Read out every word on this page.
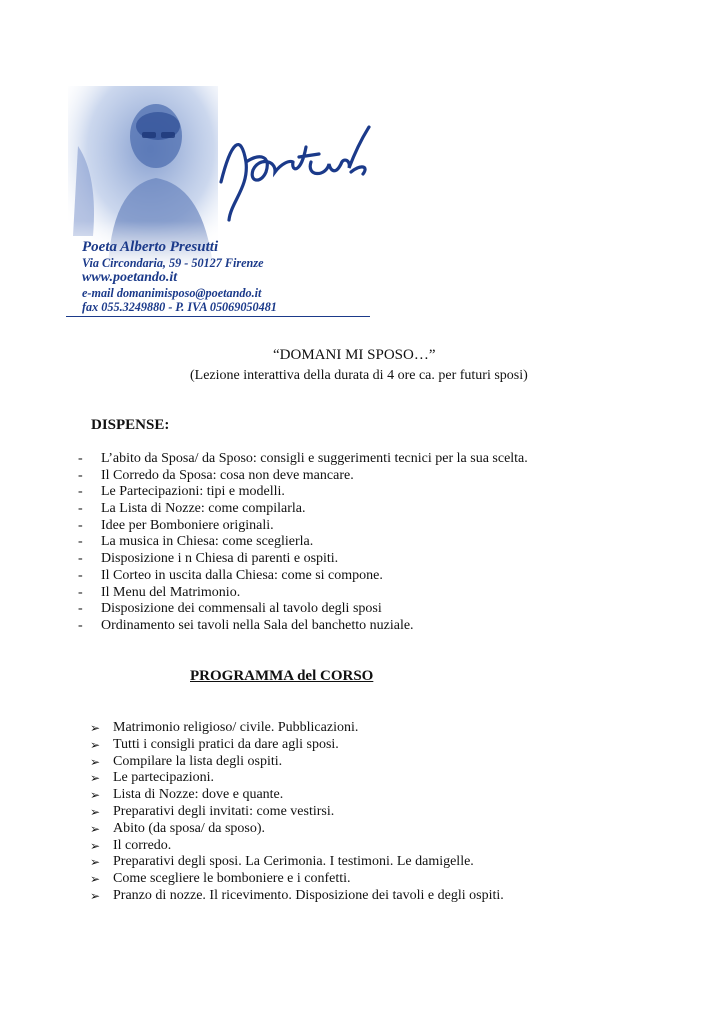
Poeta Alberto Presutti
Via Circondaria, 59 - 50127 Firenze
www.poetando.it
e-mail domanimisposo@poetando.it
fax 055.3249880 - P. IVA 05069050481
“DOMANI MI SPOSO…”
(Lezione interattiva della durata di 4 ore ca. per futuri sposi)
DISPENSE:
-	L’abito da Sposa/ da Sposo: consigli e suggerimenti tecnici per la sua scelta.
-	Il Corredo da Sposa: cosa non deve mancare.
-	Le Partecipazioni: tipi e modelli.
-	La Lista di Nozze: come compilarla.
-	Idee per Bomboniere originali.
-	La musica in Chiesa: come sceglierla.
-	Disposizione i n Chiesa di parenti e ospiti.
-	Il Corteo in uscita dalla Chiesa: come si compone.
-	Il Menu del Matrimonio.
-	Disposizione dei commensali al tavolo degli sposi
-	Ordinamento sei tavoli nella Sala del banchetto nuziale.
PROGRAMMA del CORSO
➢ Matrimonio religioso/ civile. Pubblicazioni.
➢ Tutti i consigli pratici da dare agli sposi.
➢ Compilare la lista degli ospiti.
➢ Le partecipazioni.
➢ Lista di Nozze: dove e quante.
➢ Preparativi degli invitati: come vestirsi.
➢ Abito (da sposa/ da sposo).
➢ Il corredo.
➢ Preparativi degli sposi. La Cerimonia. I testimoni. Le damigelle.
➢ Come scegliere le bomboniere e i confetti.
➢ Pranzo di nozze. Il ricevimento. Disposizione dei tavoli e degli ospiti.
